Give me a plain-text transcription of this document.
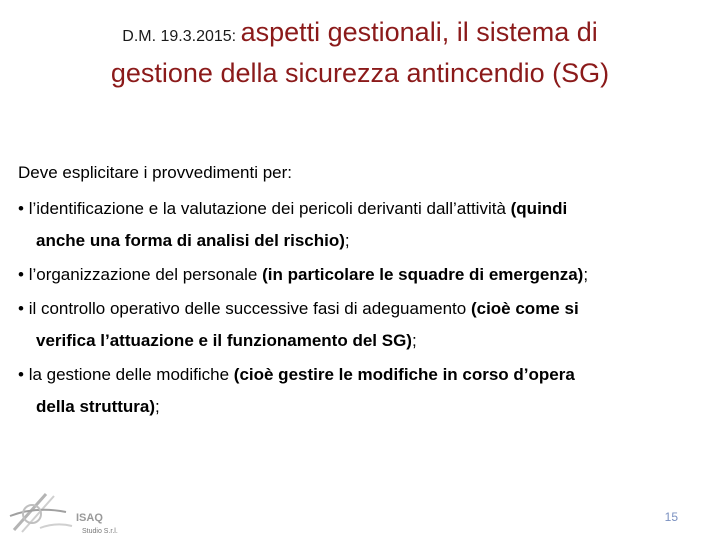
D.M. 19.3.2015: aspetti gestionali, il sistema di
gestione della sicurezza antincendio (SG)
Deve esplicitare i provvedimenti per:
• l’identificazione e la valutazione dei pericoli derivanti dall’attività (quindi
anche una forma di analisi del rischio);
• l’organizzazione del personale (in particolare le squadre di emergenza);
• il controllo operativo delle successive fasi di adeguamento (cioè come si
verifica l’attuazione e il funzionamento del SG);
• la gestione delle modifiche (cioè gestire le modifiche in corso d’opera
della struttura);
ISAQ
Studio S.r.l.
15
